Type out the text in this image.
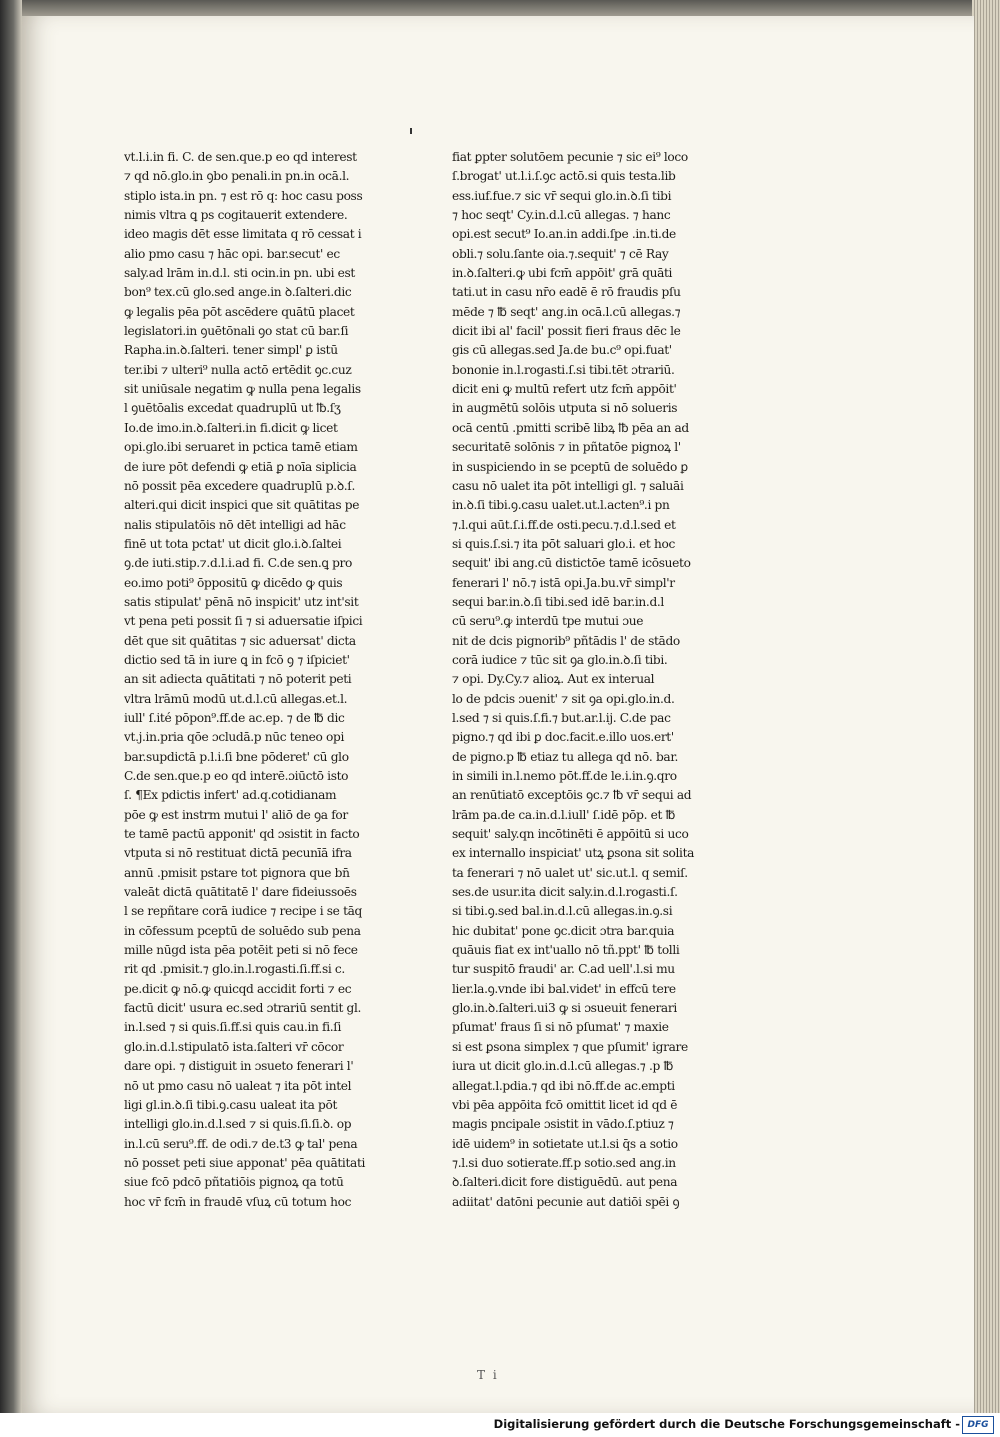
T i
vt.l.i.in fi. C. de sen.que.p eo qd interest
⁊ qd nō.glo.in ꝯbo penali.in pn.in ocā.l.
stiplo ista.in pn. ⁊ est rō q: hoc casu poss
nimis vltra ꝗ ps cogitauerit extendere.
ideo magis dēt esse limitata q rō cessat i
alio pmo casu ⁊ hāc opi. bar.secut' ec
saly.ad lrām in.d.l. sti ocin.in pn. ubi est
bon⁹ tex.cū glo.sed ange.in ꝺ.ſalteri.dic
ꝙ legalis pēa pōt ascēdere quātū placet
legislatori.in ꝯuētōnali ꝯo stat cū bar.ſi
Rapha.in.ꝺ.ſalteri. tener simpl' ꝑ istū
ter.ibi ⁊ ulteri⁹ nulla actō ertēdit ꝯc.cuz
sit uniūsale negatim ꝙ nulla pena legalis
l ꝯuētōalis excedat quadruplū ut ℔.ſʒ
Io.de imo.in.ꝺ.ſalteri.in fi.dicit ꝙ licet
opi.glo.ibi seruaret in pctica tamē etiam
de iure pōt defendi ꝙ etiā ꝑ noīa siplicia
nō possit pēa excedere quadruplū p.ꝺ.ſ.
alteri.qui dicit inspici que sit quātitas pe
nalis stipulatōis nō dēt intelligi ad hāc
finē ut tota pctat' ut dicit glo.i.ꝺ.ſaltei
ꝯ.de iuti.stip.⁊.d.l.i.ad fi. C.de sen.ꝗ pro
eo.imo poti⁹ ōppositū ꝙ dicēdo ꝙ quis
satis stipulat' pēnā nō inspicit' utz int'sit
vt pena peti possit ſi ⁊ si aduersatie iſpici
dēt que sit quātitas ⁊ sic aduersat' dicta
dictio sed tā in iure ꝗ in fcō ꝯ ⁊ iſpiciet'
an sit adiecta quātitati ⁊ nō poterit peti
vltra lrāmū modū ut.d.l.cū allegas.et.l.
iull' ſ.ité pōpon⁹.ff.de ac.ep. ⁊ de ℔ dic
vt.j.in.pria qōe ɔcludā.p nūc teneo opi
bar.supdictā p.l.i.ſi bne pōderet' cū glo
C.de sen.que.p eo qd interē.ɔiūctō isto
ſ. ¶Ex pdictis infert' ad.q.cotidianam
pōe ꝙ est instrm mutui l' aliō de ꝯa for
te tamē pactū apponit' qd ɔsistit in facto
vtputa si nō restituat dictā pecunīā ifra
annū .pmisit pstare tot pignora que bn̄
valeāt dictā quātitatē l' dare fideiussoēs
l se repñtare corā iudice ⁊ recipe i se tāq
in cōfessum pceptū de soluēdo sub pena
mille nūgd ista pēa potēit peti si nō fece
rit qd .pmisit.⁊ glo.in.l.rogasti.ſi.ff.si c.
pe.dicit ꝙ nō.ꝙ quicqd accidit forti ⁊ ec
factū dicit' usura ec.sed ɔtrariū sentit gl.
in.l.sed ⁊ si quis.ſi.ff.si quis cau.in fi.ſi
glo.in.d.l.stipulatō ista.ſalteri vr̄ cōcor
dare opi. ⁊ distiguit in ɔsueto fenerari l'
nō ut pmo casu nō ualeat ⁊ ita pōt intel
ligi gl.in.ꝺ.ſi tibi.ꝯ.casu ualeat ita pōt
intelligi glo.in.d.l.sed ⁊ si quis.ſi.ſi.ꝺ. op
in.l.cū seru⁹.ff. de odi.⁊ de.t3 ꝙ tal' pena
nō posset peti siue apponat' pēa quātitati
siue fcō pdcō pñtatiōis pignoꝝ qa totū
hoc vr̄ fcm̄ in fraudē vſuꝝ cū totum hoc
fiat ꝑpter solutōem pecunie ⁊ sic ei⁹ loco
ſ.brogat' ut.l.i.ſ.ꝯc actō.si quis testa.lib
ess.iuf.fue.⁊ sic vr̄ sequi glo.in.ꝺ.ſi tibi
⁊ hoc seqt' Cy.in.d.l.cū allegas. ⁊ hanc
opi.est secut⁹ Io.an.in addi.ſpe .in.ti.de
obli.⁊ solu.ſante oia.⁊.sequit' ⁊ cē Ray
in.ꝺ.ſalteri.ꝙ ubi fcm̄ appōit' grā quāti
tati.ut in casu nr̄o eadē ē rō fraudis pſu
mēde ⁊ ℔ seqt' ang.in ocā.l.cū allegas.⁊
dicit ibi al' facil' possit fieri fraus dēc le
gis cū allegas.sed Ja.de bu.c⁹ opi.fuat'
bononie in.l.rogasti.ſ.si tibi.tēt ɔtrariū.
dicit eni ꝙ multū refert utz fcm̄ appōit'
in augmētū solōis utputa si nō solueris
ocā centū .pmitti scribē libꝝ ℔ pēa an ad
securitatē solōnis ⁊ in pñtatōe pignoꝝ l'
in suspiciendo in se pceptū de soluēdo ꝑ
casu nō ualet ita pōt intelligi gl. ⁊ saluāi
in.ꝺ.ſi tibi.ꝯ.casu ualet.ut.l.acten⁹.i pn
⁊.l.qui aūt.ſ.i.ff.de osti.pecu.⁊.d.l.sed et
si quis.ſ.si.⁊ ita pōt saluari glo.i. et hoc
sequit' ibi ang.cū distictōe tamē icōsueto
fenerari l' nō.⁊ istā opi.Ja.bu.vr̄ simpl'r
sequi bar.in.ꝺ.ſi tibi.sed idē bar.in.d.l
cū seru⁹.ꝙ interdū tpe mutui ɔue
nit de dcis pignorib⁹ pñtādis l' de stādo
corā iudice ⁊ tūc sit ꝯa glo.in.ꝺ.ſi tibi.
⁊ opi. Dy.Cy.⁊ alioꝝ. Aut ex interual
lo de pdcis ɔuenit' ⁊ sit ꝯa opi.glo.in.d.
l.sed ⁊ si quis.ſ.fi.⁊ but.ar.l.ij. C.de pac
pigno.⁊ qd ibi ꝑ doc.facit.e.illo uos.ert'
de pigno.p ℔ etiaz tu allega qd nō. bar.
in simili in.l.nemo pōt.ff.de le.i.in.ꝯ.qro
an renūtiatō exceptōis ꝯc.⁊ ℔ vr̄ sequi ad
lrām pa.de ca.in.d.l.iull' ſ.idē pōp. et ℔
sequit' saly.qn incōtinēti ē appōitū si uco
ex internallo inspiciat' utꝝ ꝑsona sit solita
ta fenerari ⁊ nō ualet ut' sic.ut.l. q semiſ.
ses.de usur.ita dicit saly.in.d.l.rogasti.ſ.
si tibi.ꝯ.sed bal.in.d.l.cū allegas.in.ꝯ.si
hic dubitat' pone ꝯc.dicit ɔtra bar.quia
quāuis fiat ex int'uallo nō tñ.ppt' ℔ tolli
tur suspitō fraudi' ar. C.ad uell'.l.si mu
lier.la.ꝯ.vnde ibi bal.videt' in effcū tere
glo.in.ꝺ.ſalteri.ui3 ꝙ si ɔsueuit fenerari
pſumat' fraus ſi si nō pſumat' ⁊ maxie
si est ꝑsona simplex ⁊ que pſumit' igrare
iura ut dicit glo.in.d.l.cū allegas.⁊ .p ℔
allegat.l.pdia.⁊ qd ibi nō.ff.de ac.empti
vbi pēa appōita fcō omittit licet id qd ē
magis pncipale ɔsistit in vādo.ſ.ptiuz ⁊
idē uidem⁹ in sotietate ut.l.si q̄s a sotio
⁊.l.si duo sotierate.ff.p sotio.sed ang.in
ꝺ.ſalteri.dicit fore distiguēdū. aut pena
adiitat' datōni pecunie aut datiōi spēi ꝯ
Digitalisierung gefördert durch die Deutsche Forschungsgemeinschaft - DFG
